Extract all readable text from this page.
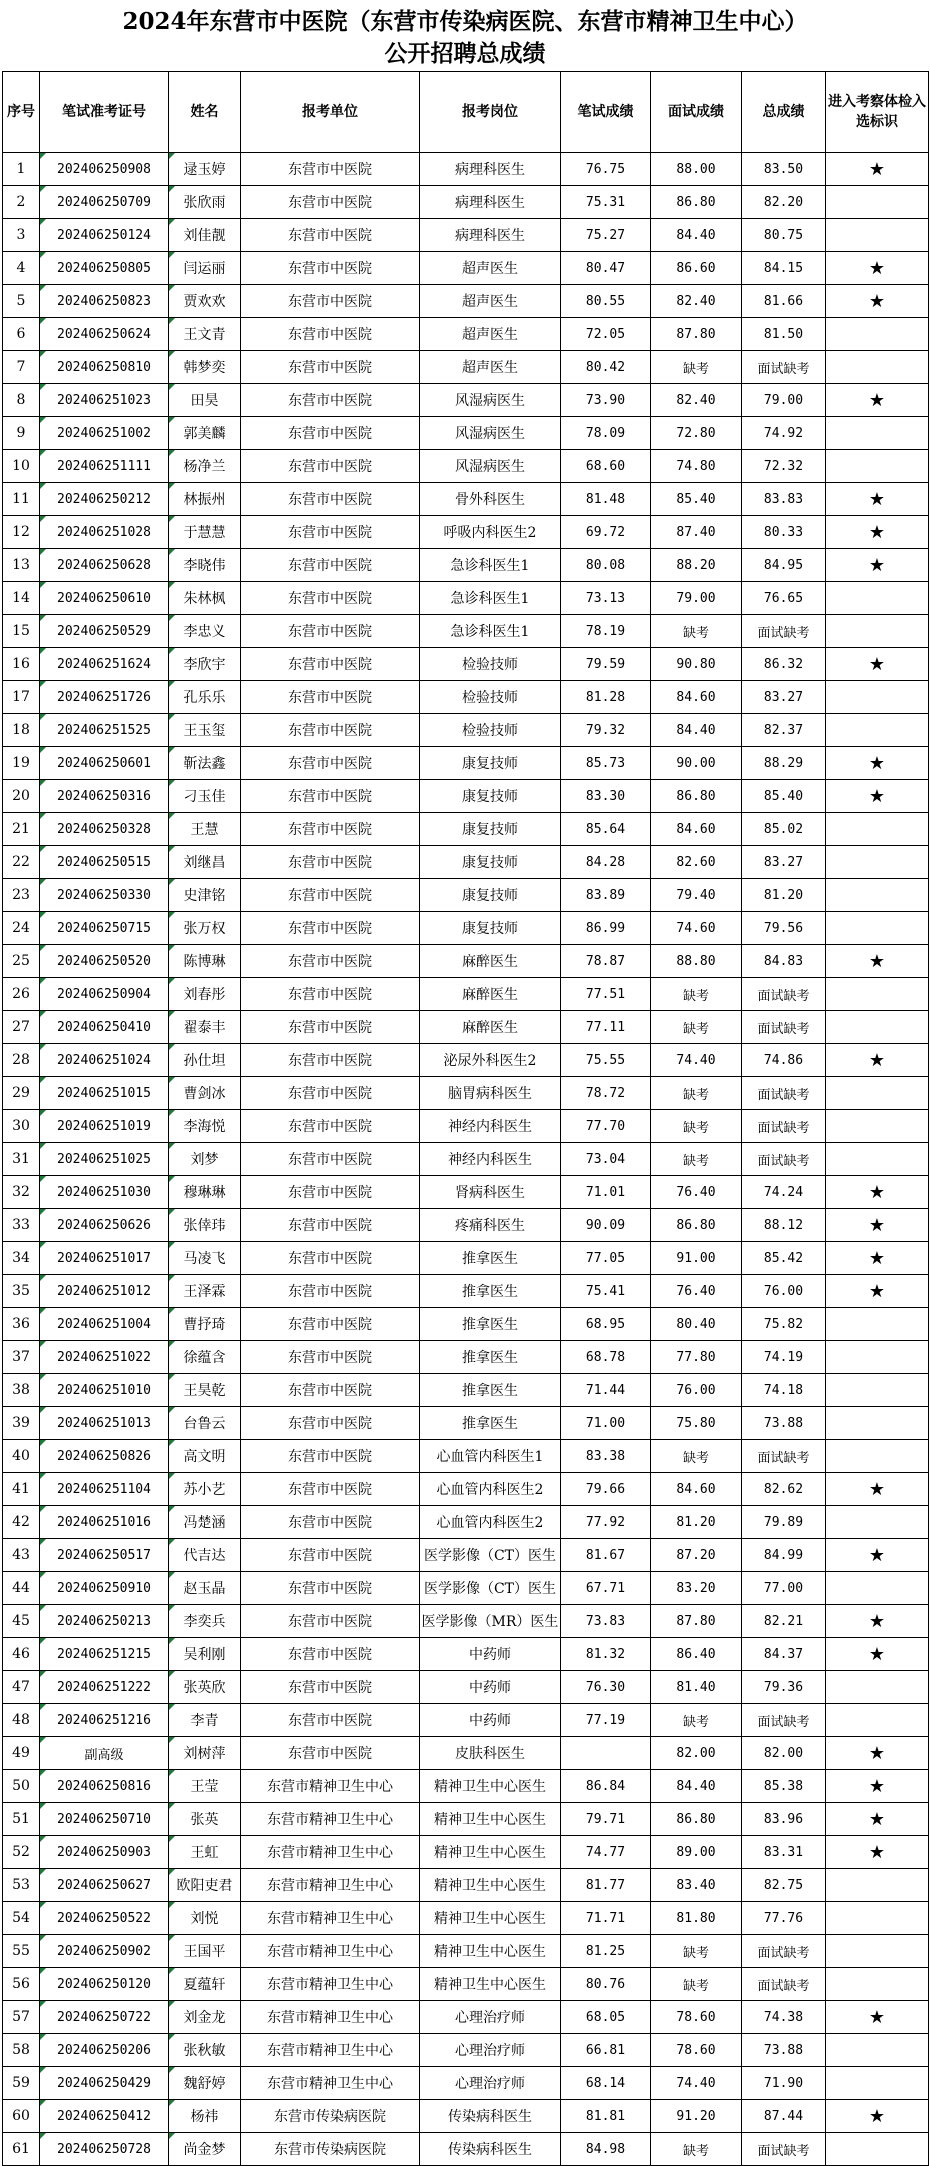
2024年东营市中医院（东营市传染病医院、东营市精神卫生中心）
公开招聘总成绩
序号	笔试准考证号	姓名	报考单位	报考岗位	笔试成绩	面试成绩	总成绩	进入考察体检入选标识
1	202406250908	逯玉婷	东营市中医院	病理科医生	76.75	88.00	83.50	★
2	202406250709	张欣雨	东营市中医院	病理科医生	75.31	86.80	82.20	
3	202406250124	刘佳靓	东营市中医院	病理科医生	75.27	84.40	80.75	
4	202406250805	闫运丽	东营市中医院	超声医生	80.47	86.60	84.15	★
5	202406250823	贾欢欢	东营市中医院	超声医生	80.55	82.40	81.66	★
6	202406250624	王文青	东营市中医院	超声医生	72.05	87.80	81.50	
7	202406250810	韩梦奕	东营市中医院	超声医生	80.42	缺考	面试缺考	
8	202406251023	田昊	东营市中医院	风湿病医生	73.90	82.40	79.00	★
9	202406251002	郭美麟	东营市中医院	风湿病医生	78.09	72.80	74.92	
10	202406251111	杨净兰	东营市中医院	风湿病医生	68.60	74.80	72.32	
11	202406250212	林振州	东营市中医院	骨外科医生	81.48	85.40	83.83	★
12	202406251028	于慧慧	东营市中医院	呼吸内科医生2	69.72	87.40	80.33	★
13	202406250628	李晓伟	东营市中医院	急诊科医生1	80.08	88.20	84.95	★
14	202406250610	朱林枫	东营市中医院	急诊科医生1	73.13	79.00	76.65	
15	202406250529	李忠义	东营市中医院	急诊科医生1	78.19	缺考	面试缺考	
16	202406251624	李欣宇	东营市中医院	检验技师	79.59	90.80	86.32	★
17	202406251726	孔乐乐	东营市中医院	检验技师	81.28	84.60	83.27	
18	202406251525	王玉玺	东营市中医院	检验技师	79.32	84.40	82.37	
19	202406250601	靳法鑫	东营市中医院	康复技师	85.73	90.00	88.29	★
20	202406250316	刁玉佳	东营市中医院	康复技师	83.30	86.80	85.40	★
21	202406250328	王慧	东营市中医院	康复技师	85.64	84.60	85.02	
22	202406250515	刘继昌	东营市中医院	康复技师	84.28	82.60	83.27	
23	202406250330	史津铭	东营市中医院	康复技师	83.89	79.40	81.20	
24	202406250715	张万权	东营市中医院	康复技师	86.99	74.60	79.56	
25	202406250520	陈博琳	东营市中医院	麻醉医生	78.87	88.80	84.83	★
26	202406250904	刘春彤	东营市中医院	麻醉医生	77.51	缺考	面试缺考	
27	202406250410	翟泰丰	东营市中医院	麻醉医生	77.11	缺考	面试缺考	
28	202406251024	孙仕坦	东营市中医院	泌尿外科医生2	75.55	74.40	74.86	★
29	202406251015	曹剑冰	东营市中医院	脑胃病科医生	78.72	缺考	面试缺考	
30	202406251019	李海悦	东营市中医院	神经内科医生	77.70	缺考	面试缺考	
31	202406251025	刘梦	东营市中医院	神经内科医生	73.04	缺考	面试缺考	
32	202406251030	穆琳琳	东营市中医院	肾病科医生	71.01	76.40	74.24	★
33	202406250626	张倖玮	东营市中医院	疼痛科医生	90.09	86.80	88.12	★
34	202406251017	马凌飞	东营市中医院	推拿医生	77.05	91.00	85.42	★
35	202406251012	王泽霖	东营市中医院	推拿医生	75.41	76.40	76.00	★
36	202406251004	曹抒琦	东营市中医院	推拿医生	68.95	80.40	75.82	
37	202406251022	徐蕴含	东营市中医院	推拿医生	68.78	77.80	74.19	
38	202406251010	王昊乾	东营市中医院	推拿医生	71.44	76.00	74.18	
39	202406251013	台鲁云	东营市中医院	推拿医生	71.00	75.80	73.88	
40	202406250826	高文明	东营市中医院	心血管内科医生1	83.38	缺考	面试缺考	
41	202406251104	苏小艺	东营市中医院	心血管内科医生2	79.66	84.60	82.62	★
42	202406251016	冯楚涵	东营市中医院	心血管内科医生2	77.92	81.20	79.89	
43	202406250517	代吉达	东营市中医院	医学影像（CT）医生	81.67	87.20	84.99	★
44	202406250910	赵玉晶	东营市中医院	医学影像（CT）医生	67.71	83.20	77.00	
45	202406250213	李奕兵	东营市中医院	医学影像（MR）医生	73.83	87.80	82.21	★
46	202406251215	吴利刚	东营市中医院	中药师	81.32	86.40	84.37	★
47	202406251222	张英欣	东营市中医院	中药师	76.30	81.40	79.36	
48	202406251216	李青	东营市中医院	中药师	77.19	缺考	面试缺考	
49	副高级	刘树萍	东营市中医院	皮肤科医生		82.00	82.00	★
50	202406250816	王莹	东营市精神卫生中心	精神卫生中心医生	86.84	84.40	85.38	★
51	202406250710	张英	东营市精神卫生中心	精神卫生中心医生	79.71	86.80	83.96	★
52	202406250903	王虹	东营市精神卫生中心	精神卫生中心医生	74.77	89.00	83.31	★
53	202406250627	欧阳吏君	东营市精神卫生中心	精神卫生中心医生	81.77	83.40	82.75	
54	202406250522	刘悦	东营市精神卫生中心	精神卫生中心医生	71.71	81.80	77.76	
55	202406250902	王国平	东营市精神卫生中心	精神卫生中心医生	81.25	缺考	面试缺考	
56	202406250120	夏蕴轩	东营市精神卫生中心	精神卫生中心医生	80.76	缺考	面试缺考	
57	202406250722	刘金龙	东营市精神卫生中心	心理治疗师	68.05	78.60	74.38	★
58	202406250206	张秋敏	东营市精神卫生中心	心理治疗师	66.81	78.60	73.88	
59	202406250429	魏舒婷	东营市精神卫生中心	心理治疗师	68.14	74.40	71.90	
60	202406250412	杨祎	东营市传染病医院	传染病科医生	81.81	91.20	87.44	★
61	202406250728	尚金梦	东营市传染病医院	传染病科医生	84.98	缺考	面试缺考	
